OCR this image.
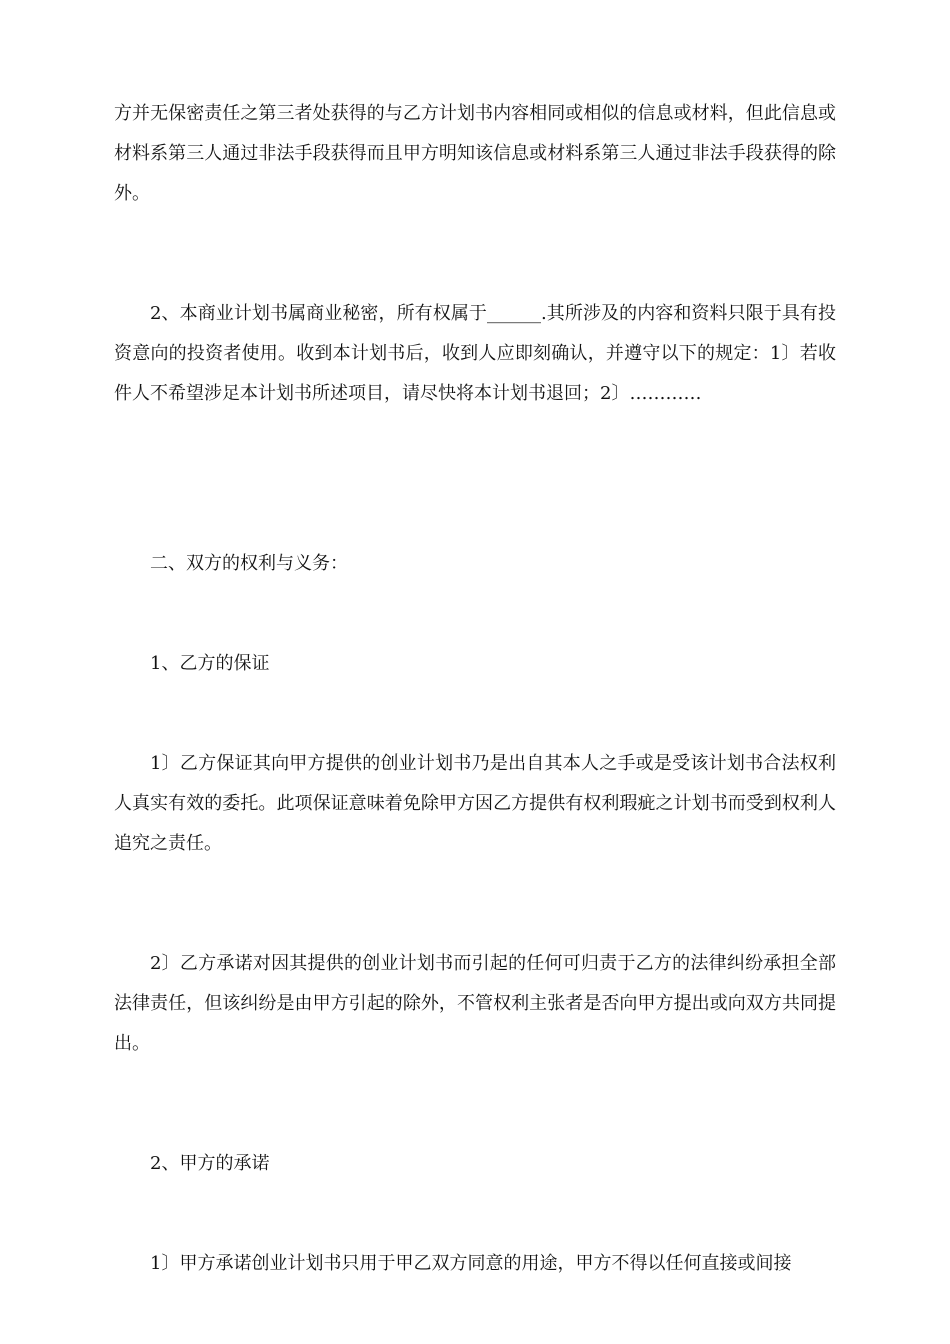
方并无保密责任之第三者处获得的与乙方计划书内容相同或相似的信息或材料，但此信息或材料系第三人通过非法手段获得而且甲方明知该信息或材料系第三人通过非法手段获得的除外。

2、本商业计划书属商业秘密，所有权属于______.其所涉及的内容和资料只限于具有投资意向的投资者使用。收到本计划书后，收到人应即刻确认，并遵守以下的规定：1〕若收件人不希望涉足本计划书所述项目，请尽快将本计划书退回；2〕…………

二、双方的权利与义务：

1、乙方的保证

1〕乙方保证其向甲方提供的创业计划书乃是出自其本人之手或是受该计划书合法权利人真实有效的委托。此项保证意味着免除甲方因乙方提供有权利瑕疵之计划书而受到权利人追究之责任。

2〕乙方承诺对因其提供的创业计划书而引起的任何可归责于乙方的法律纠纷承担全部法律责任，但该纠纷是由甲方引起的除外，不管权利主张者是否向甲方提出或向双方共同提出。

2、甲方的承诺

1〕甲方承诺创业计划书只用于甲乙双方同意的用途，甲方不得以任何直接或间接
